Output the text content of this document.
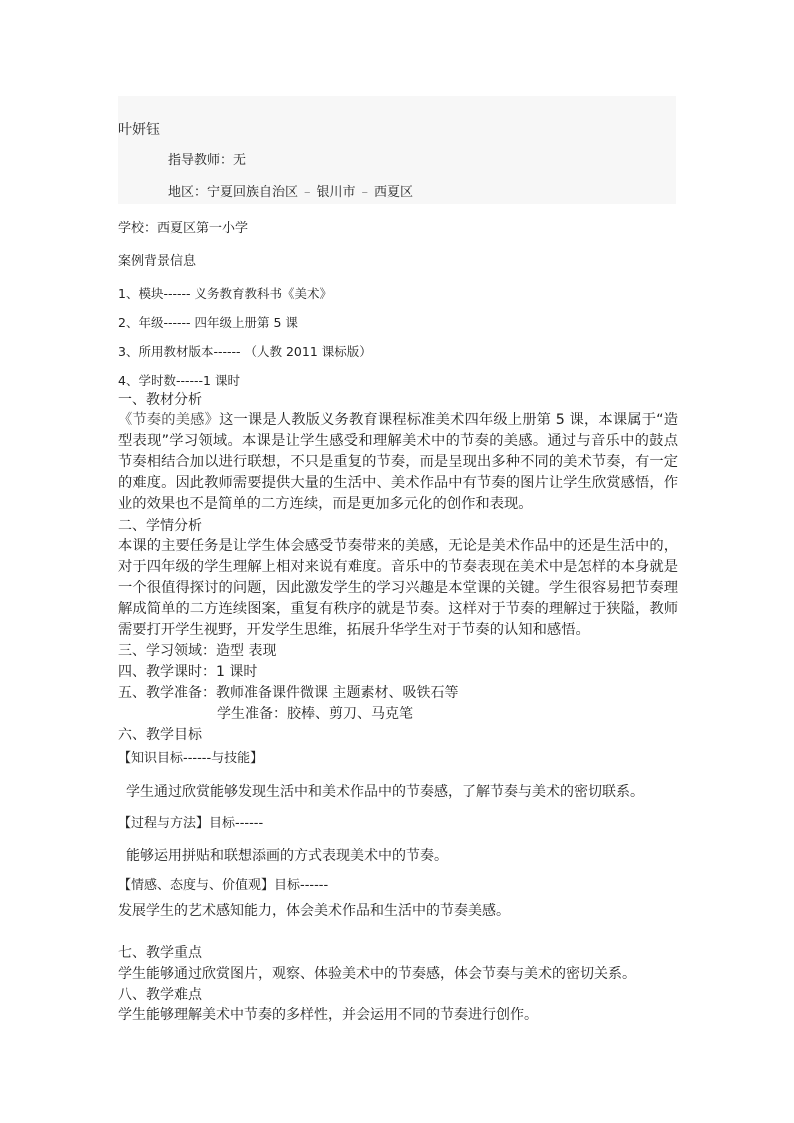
叶妍钰
指导教师：无
地区：宁夏回族自治区 – 银川市 – 西夏区
学校：西夏区第一小学
案例背景信息
1、模块------ 义务教育教科书《美术》
2、年级------ 四年级上册第 5 课
3、所用教材版本------ （人教 2011 课标版）
4、学时数------1 课时
一、教材分析
《节奏的美感》这一课是人教版义务教育课程标准美术四年级上册第 5 课，本课属于“造型表现”学习领域。本课是让学生感受和理解美术中的节奏的美感。通过与音乐中的鼓点节奏相结合加以进行联想，不只是重复的节奏，而是呈现出多种不同的美术节奏，有一定的难度。因此教师需要提供大量的生活中、美术作品中有节奏的图片让学生欣赏感悟，作业的效果也不是简单的二方连续，而是更加多元化的创作和表现。
二、学情分析
本课的主要任务是让学生体会感受节奏带来的美感，无论是美术作品中的还是生活中的，对于四年级的学生理解上相对来说有难度。音乐中的节奏表现在美术中是怎样的本身就是一个很值得探讨的问题，因此激发学生的学习兴趣是本堂课的关键。学生很容易把节奏理解成简单的二方连续图案，重复有秩序的就是节奏。这样对于节奏的理解过于狭隘，教师需要打开学生视野，开发学生思维，拓展升华学生对于节奏的认知和感悟。
三、学习领域：造型 表现
四、教学课时：1 课时
五、教学准备：教师准备课件微课 主题素材、吸铁石等
学生准备：胶棒、剪刀、马克笔
六、教学目标
【知识目标------与技能】
学生通过欣赏能够发现生活中和美术作品中的节奏感，了解节奏与美术的密切联系。
【过程与方法】目标------
能够运用拼贴和联想添画的方式表现美术中的节奏。
【情感、态度与、价值观】目标------
发展学生的艺术感知能力，体会美术作品和生活中的节奏美感。
七、教学重点
学生能够通过欣赏图片，观察、体验美术中的节奏感，体会节奏与美术的密切关系。
八、教学难点
学生能够理解美术中节奏的多样性，并会运用不同的节奏进行创作。
